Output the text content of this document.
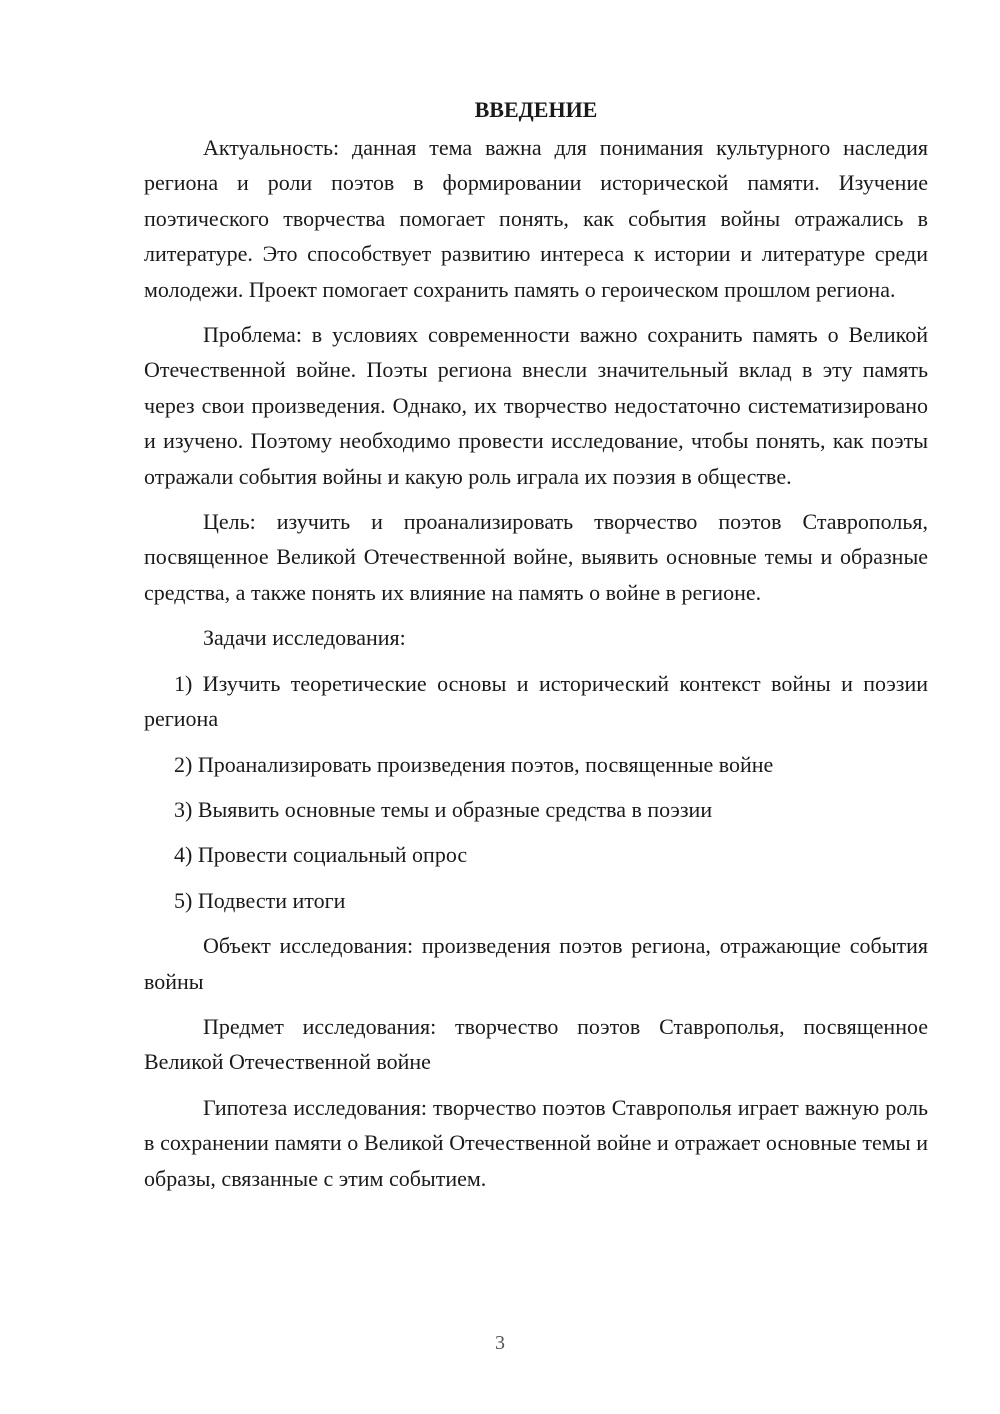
ВВЕДЕНИЕ

Актуальность: данная тема важна для понимания культурного наследия региона и роли поэтов в формировании исторической памяти. Изучение поэтического творчества помогает понять, как события войны отражались в литературе. Это способствует развитию интереса к истории и литературе среди молодежи. Проект помогает сохранить память о героическом прошлом региона.

Проблема: в условиях современности важно сохранить память о Великой Отечественной войне. Поэты региона внесли значительный вклад в эту память через свои произведения. Однако, их творчество недостаточно систематизировано и изучено. Поэтому необходимо провести исследование, чтобы понять, как поэты отражали события войны и какую роль играла их поэзия в обществе.

Цель: изучить и проанализировать творчество поэтов Ставрополья, посвященное Великой Отечественной войне, выявить основные темы и образные средства, а также понять их влияние на память о войне в регионе.

Задачи исследования:

1) Изучить теоретические основы и исторический контекст войны и поэзии региона

2) Проанализировать произведения поэтов, посвященные войне

3) Выявить основные темы и образные средства в поэзии

4) Провести социальный опрос

5) Подвести итоги

Объект исследования: произведения поэтов региона, отражающие события войны

Предмет исследования: творчество поэтов Ставрополья, посвященное Великой Отечественной войне

Гипотеза исследования: творчество поэтов Ставрополья играет важную роль в сохранении памяти о Великой Отечественной войне и отражает основные темы и образы, связанные с этим событием.

3
